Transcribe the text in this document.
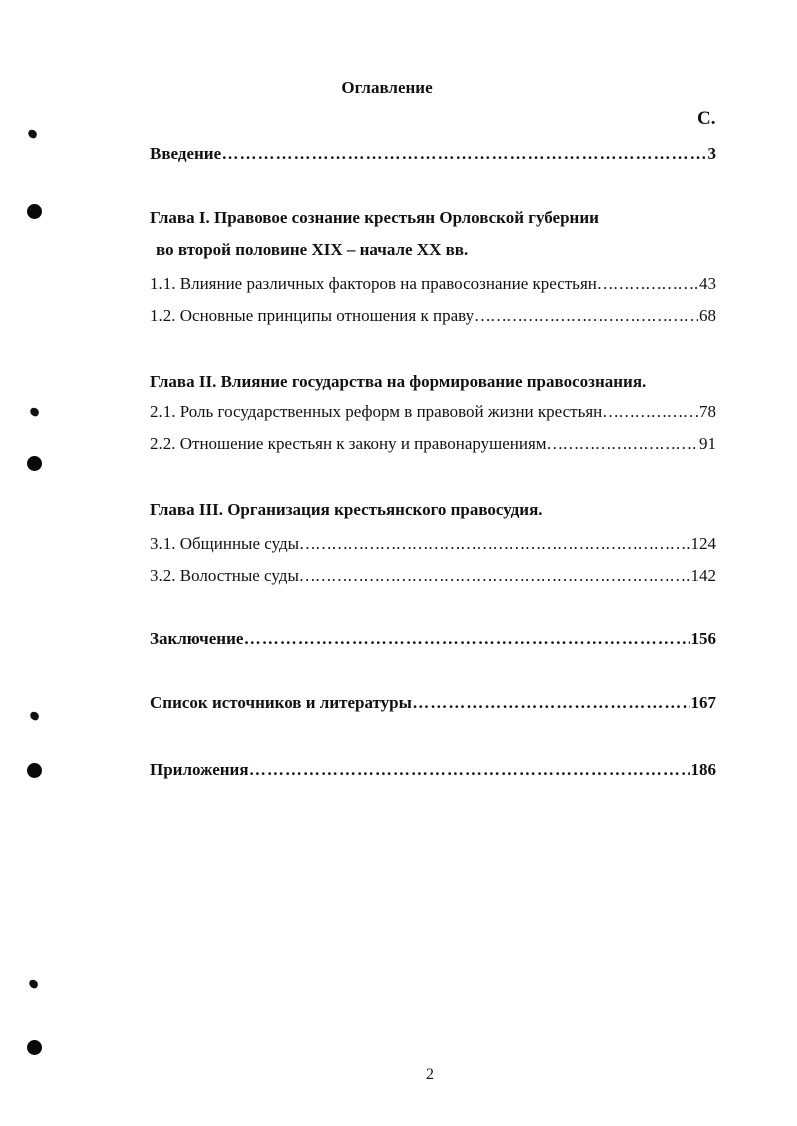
Оглавление
С.
Введение …………………………………………………………………………………………………………………………………………………………	3
Глава I. Правовое сознание крестьян Орловской губернии
во второй половине XIX – начале XX вв.
1.1. Влияние различных факторов на правосознание крестьян …………………………………………………………………………………………………………………………………………………………	43
1.2. Основные принципы отношения к праву …………………………………………………………………………………………………………………………………………………………	68
Глава II. Влияние государства на формирование правосознания.
2.1. Роль государственных реформ в правовой жизни крестьян …………………………………………………………………………………………………………………………………………………………	78
2.2. Отношение крестьян к закону и правонарушениям …………………………………………………………………………………………………………………………………………………………	91
Глава III. Организация крестьянского правосудия.
3.1. Общинные суды …………………………………………………………………………………………………………………………………………………………	124
3.2. Волостные суды …………………………………………………………………………………………………………………………………………………………	142
Заключение …………………………………………………………………………………………………………………………………………………………	156
Список источников и литературы …………………………………………………………………………………………………………………………………………………………	167
Приложения …………………………………………………………………………………………………………………………………………………………	186
2
